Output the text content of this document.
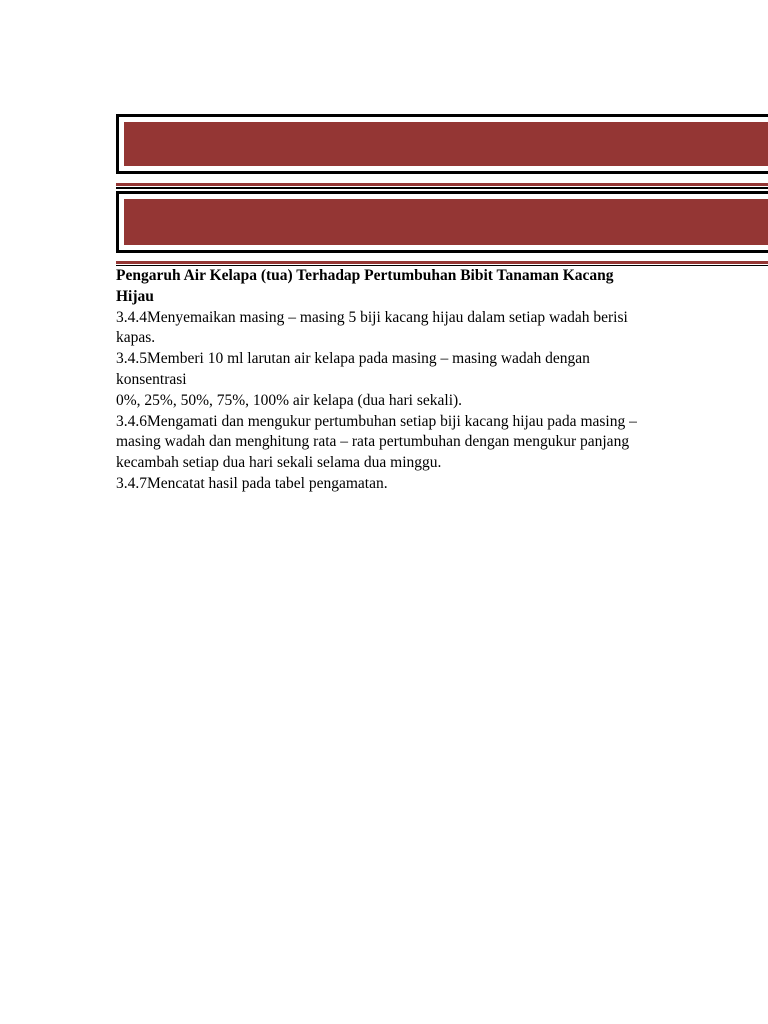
Pengaruh Air Kelapa (tua) Terhadap Pertumbuhan Bibit Tanaman Kacang Hijau

3.4.4Menyemaikan masing – masing 5 biji kacang hijau dalam setiap wadah berisi kapas.

3.4.5Memberi 10 ml larutan air kelapa pada masing – masing wadah dengan konsentrasi

0%, 25%, 50%, 75%, 100% air kelapa (dua hari sekali).

3.4.6Mengamati dan mengukur pertumbuhan setiap biji kacang hijau pada masing –

masing wadah dan menghitung rata – rata pertumbuhan dengan mengukur panjang

kecambah setiap dua hari sekali selama dua minggu.

3.4.7Mencatat hasil pada tabel pengamatan.
